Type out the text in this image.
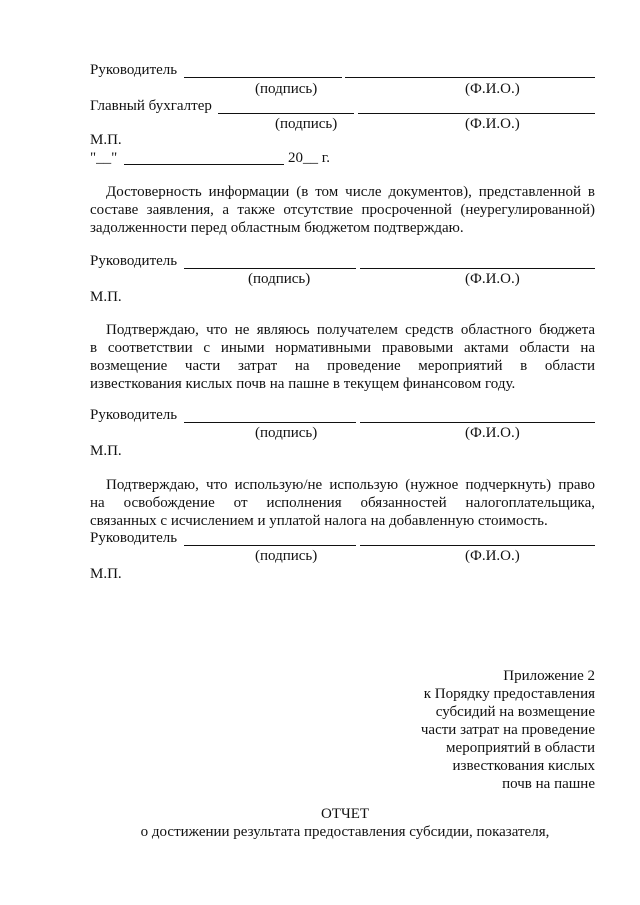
Руководитель
(подпись)	(Ф.И.О.)
Главный бухгалтер
(подпись)	(Ф.И.О.)
М.П.
"__"	20__ г.
Достоверность информации (в том числе документов), представленной в
составе заявления, а также отсутствие просроченной (неурегулированной)
задолженности перед областным бюджетом подтверждаю.
Руководитель
(подпись)	(Ф.И.О.)
М.П.
Подтверждаю, что не являюсь получателем средств областного бюджета
в соответствии с иными нормативными правовыми актами области на
возмещение части затрат на проведение мероприятий в области
известкования кислых почв на пашне в текущем финансовом году.
Руководитель
(подпись)	(Ф.И.О.)
М.П.
Подтверждаю, что использую/не использую (нужное подчеркнуть) право
на освобождение от исполнения обязанностей налогоплательщика,
связанных с исчислением и уплатой налога на добавленную стоимость.
Руководитель
(подпись)	(Ф.И.О.)
М.П.
Приложение 2
к Порядку предоставления
субсидий на возмещение
части затрат на проведение
мероприятий в области
известкования кислых
почв на пашне
ОТЧЕТ
о достижении результата предоставления субсидии, показателя,
